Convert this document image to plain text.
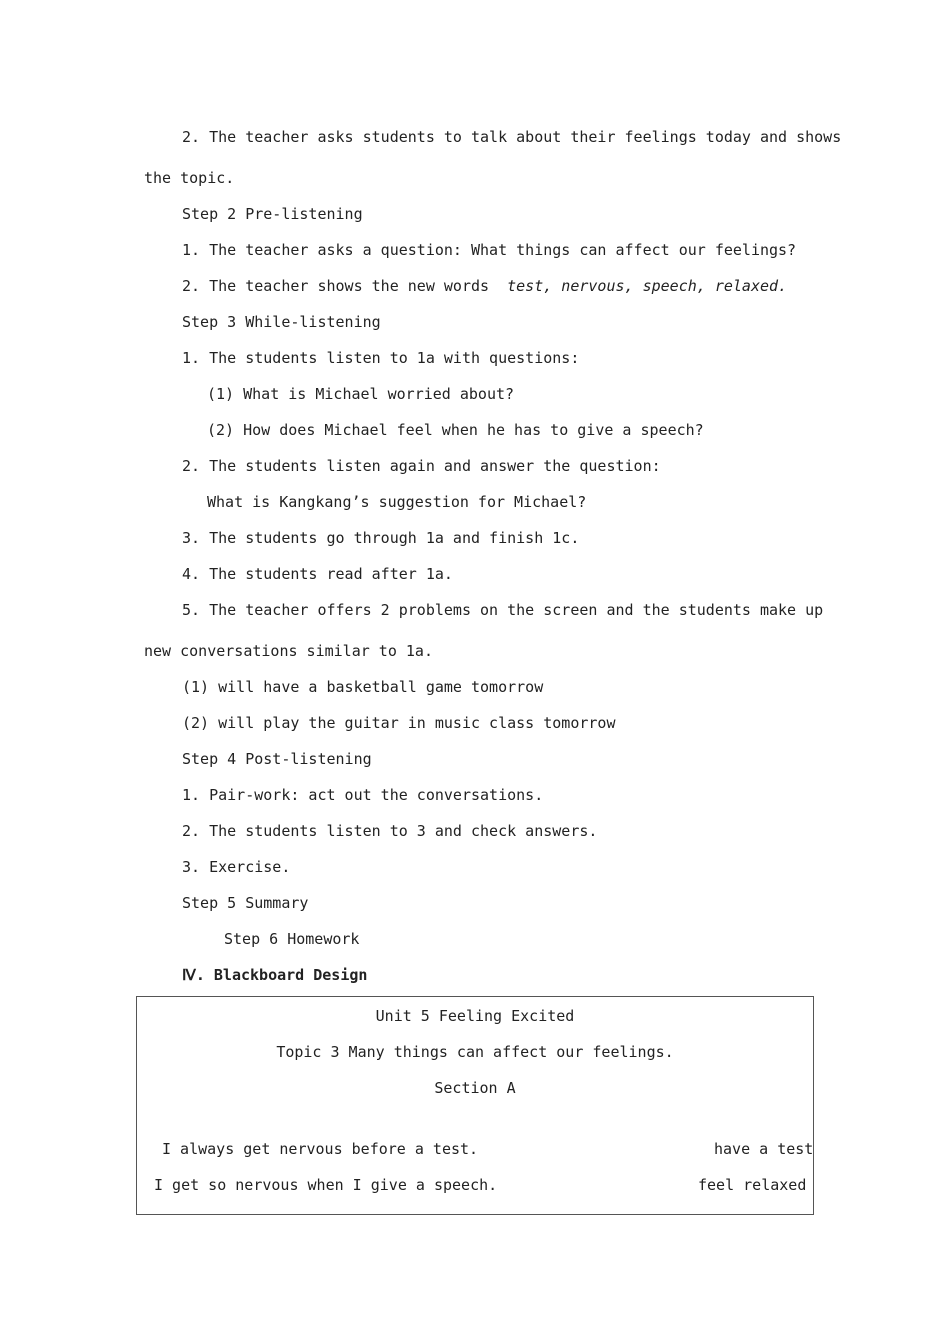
2. The teacher asks students to talk about their feelings today and shows
the topic.
Step 2 Pre-listening
1. The teacher asks a question: What things can affect our feelings?
2. The teacher shows the new words test, nervous, speech, relaxed.
Step 3 While-listening
1. The students listen to 1a with questions:
(1) What is Michael worried about?
(2) How does Michael feel when he has to give a speech?
2. The students listen again and answer the question:
What is Kangkang’s suggestion for Michael?
3. The students go through 1a and finish 1c.
4. The students read after 1a.
5. The teacher offers 2 problems on the screen and the students make up
new conversations similar to 1a.
(1) will have a basketball game tomorrow
(2) will play the guitar in music class tomorrow
Step 4 Post-listening
1. Pair-work: act out the conversations.
2. The students listen to 3 and check answers.
3. Exercise.
Step 5 Summary
Step 6 Homework
Ⅳ. Blackboard Design
Unit 5 Feeling Excited
Topic 3 Many things can affect our feelings.
Section A
I always get nervous before a test.
I get so nervous when I give a speech.
have a test
feel relaxed
